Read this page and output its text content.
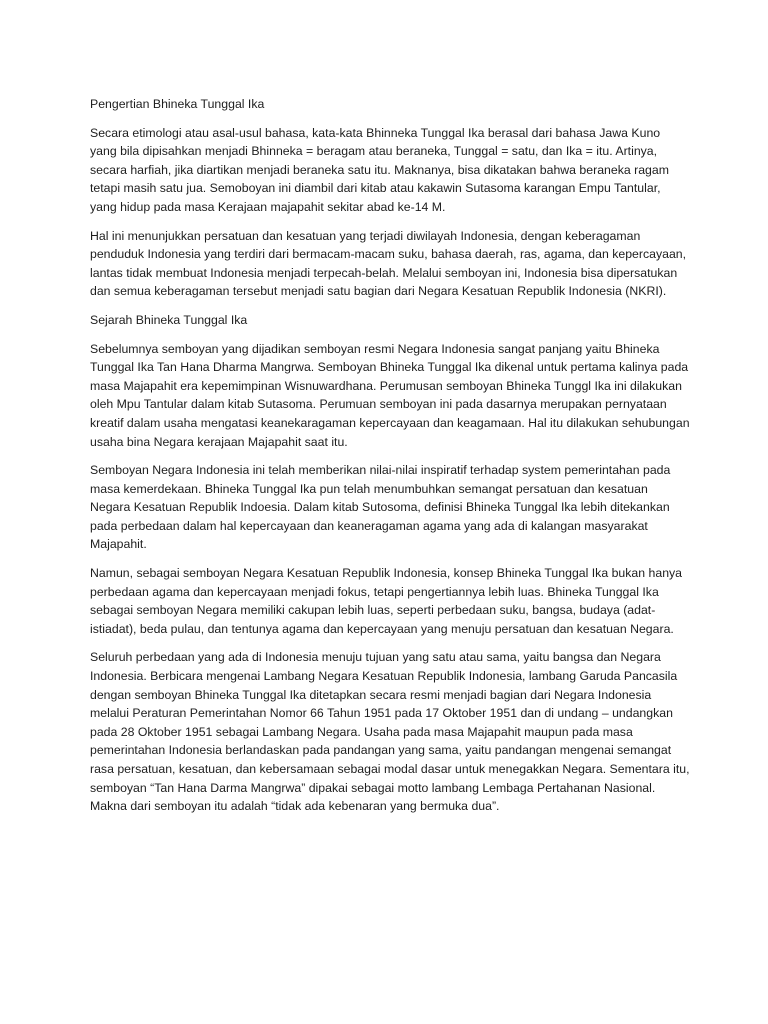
Pengertian Bhineka Tunggal Ika

Secara etimologi atau asal-usul bahasa, kata-kata Bhinneka Tunggal Ika berasal dari bahasa Jawa Kuno yang bila dipisahkan menjadi Bhinneka = beragam atau beraneka, Tunggal = satu, dan Ika = itu. Artinya, secara harfiah, jika diartikan menjadi beraneka satu itu. Maknanya, bisa dikatakan bahwa beraneka ragam tetapi masih satu jua. Semoboyan ini diambil dari kitab atau kakawin Sutasoma karangan Empu Tantular, yang hidup pada masa Kerajaan majapahit sekitar abad ke-14 M.

Hal ini menunjukkan persatuan dan kesatuan yang terjadi diwilayah Indonesia, dengan keberagaman penduduk Indonesia yang terdiri dari bermacam-macam suku, bahasa daerah, ras, agama, dan kepercayaan, lantas tidak membuat Indonesia menjadi terpecah-belah. Melalui semboyan ini, Indonesia bisa dipersatukan dan semua keberagaman tersebut menjadi satu bagian dari Negara Kesatuan Republik Indonesia (NKRI).

Sejarah Bhineka Tunggal Ika

Sebelumnya semboyan yang dijadikan semboyan resmi Negara Indonesia sangat panjang yaitu Bhineka Tunggal Ika Tan Hana Dharma Mangrwa. Semboyan Bhineka Tunggal Ika dikenal untuk pertama kalinya pada masa Majapahit era kepemimpinan Wisnuwardhana. Perumusan semboyan Bhineka Tunggl Ika ini dilakukan oleh Mpu Tantular dalam kitab Sutasoma. Perumuan semboyan ini pada dasarnya merupakan pernyataan kreatif dalam usaha mengatasi keanekaragaman kepercayaan dan keagamaan. Hal itu dilakukan sehubungan usaha bina Negara kerajaan Majapahit saat itu.

Semboyan Negara Indonesia ini telah memberikan nilai-nilai inspiratif terhadap system pemerintahan pada masa kemerdekaan. Bhineka Tunggal Ika pun telah menumbuhkan semangat persatuan dan kesatuan Negara Kesatuan Republik Indoesia. Dalam kitab Sutosoma, definisi Bhineka Tunggal Ika lebih ditekankan pada perbedaan dalam hal kepercayaan dan keaneragaman agama yang ada di kalangan masyarakat Majapahit.

Namun, sebagai semboyan Negara Kesatuan Republik Indonesia, konsep Bhineka Tunggal Ika bukan hanya perbedaan agama dan kepercayaan menjadi fokus, tetapi pengertiannya lebih luas. Bhineka Tunggal Ika sebagai semboyan Negara memiliki cakupan lebih luas, seperti perbedaan suku, bangsa, budaya (adat-istiadat), beda pulau, dan tentunya agama dan kepercayaan yang menuju persatuan dan kesatuan Negara.

Seluruh perbedaan yang ada di Indonesia menuju tujuan yang satu atau sama, yaitu bangsa dan Negara Indonesia. Berbicara mengenai Lambang Negara Kesatuan Republik Indonesia, lambang Garuda Pancasila dengan semboyan Bhineka Tunggal Ika ditetapkan secara resmi menjadi bagian dari Negara Indonesia melalui Peraturan Pemerintahan Nomor 66 Tahun 1951 pada 17 Oktober 1951 dan di undang – undangkan pada 28 Oktober 1951 sebagai Lambang Negara. Usaha pada masa Majapahit maupun pada masa pemerintahan Indonesia berlandaskan pada pandangan yang sama, yaitu pandangan mengenai semangat rasa persatuan, kesatuan, dan kebersamaan sebagai modal dasar untuk menegakkan Negara. Sementara itu, semboyan “Tan Hana Darma Mangrwa” dipakai sebagai motto lambang Lembaga Pertahanan Nasional. Makna dari semboyan itu adalah “tidak ada kebenaran yang bermuka dua”.
